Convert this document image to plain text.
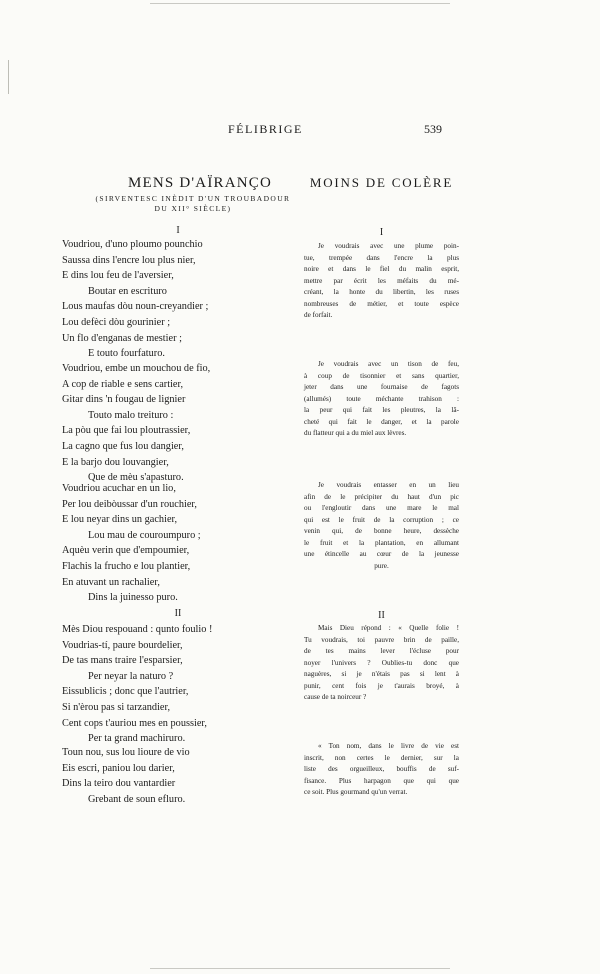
FÉLIBRIGE	539
MENS D'AÏRANÇO
(SIRVENTESC INÈDIT D'UN TROUBADOUR
DU XII° SIÈCLE)
I
Voudriou, d'uno ploumo pounchio
Saussa dins l'encre lou plus nier,
E dins lou feu de l'aversier,
Boutar en escrituro
Lous maufas dòu noun-creyandier ;
Lou defèci dòu gourinier ;
Un flo d'enganas de mestier ;
E touto fourfaturo.
Voudriou, embe un mouchou de fio,
A cop de riable e sens cartier,
Gitar dins 'n fougau de lignier
Touto malo treituro :
La pòu que fai lou ploutrassier,
La cagno que fus lou dangier,
E la barjo dou louvangier,
Que de mèu s'apasturo.
Voudriou acuchar en un lio,
Per lou deibòussar d'un rouchier,
E lou neyar dins un gachier,
Lou mau de couroumpuro ;
Aquèu verin que d'empoumier,
Flachis la frucho e lou plantier,
En atuvant un rachalier,
Dins la juinesso puro.
II
Mès Diou respouand : qunto foulio !
Voudrias-tí, paure bourdelier,
De tas mans traire l'esparsier,
Per neyar la naturo ?
Eissublicis ; donc que l'autrier,
Si n'èrou pas si tarzandier,
Cent cops t'auriou mes en poussier,
Per ta grand machiruro.
Toun nou, sus lou lioure de vio
Eis escri, paniou lou darier,
Dins la teiro dou vantardier
Grebant de soun efluro.
MOINS DE COLÈRE
I
Je voudrais avec une plume poin-
tue, trempée dans l'encre la plus
noire et dans le fiel du malin esprit,
mettre par écrit les méfaits du mé-
créant, la honte du libertin, les ruses
nombreuses de métier, et toute espèce
de forfait.
Je voudrais avec un tison de feu,
à coup de tisonnier et sans quartier,
jeter dans une fournaise de fagots
(allumés) toute méchante trahison :
la peur qui fait les pleutres, la lâ-
cheté qui fait le danger, et la parole
du flatteur qui a du miel aux lèvres.
Je voudrais entasser en un lieu
afin de le précipiter du haut d'un pic
ou l'engloutir dans une mare le mal
qui est le fruit de la corruption ; ce
venin qui, de bonne heure, dessèche
le fruit et la plantation, en allumant
une étincelle au cœur de la jeunesse
pure.
II
Mais Dieu répond : « Quelle folie !
Tu voudrais, toi pauvre brin de paille,
de tes mains lever l'écluse pour
noyer l'univers ? Oublies-tu donc que
naguères, si je n'étais pas si lent à
punir, cent fois je t'aurais broyé, à
cause de ta noirceur ?
« Ton nom, dans le livre de vie est
inscrit, non certes le dernier, sur la
liste des orgueilleux, bouffis de suf-
fisance. Plus harpagon que qui que
ce soit. Plus gourmand qu'un verrat.
